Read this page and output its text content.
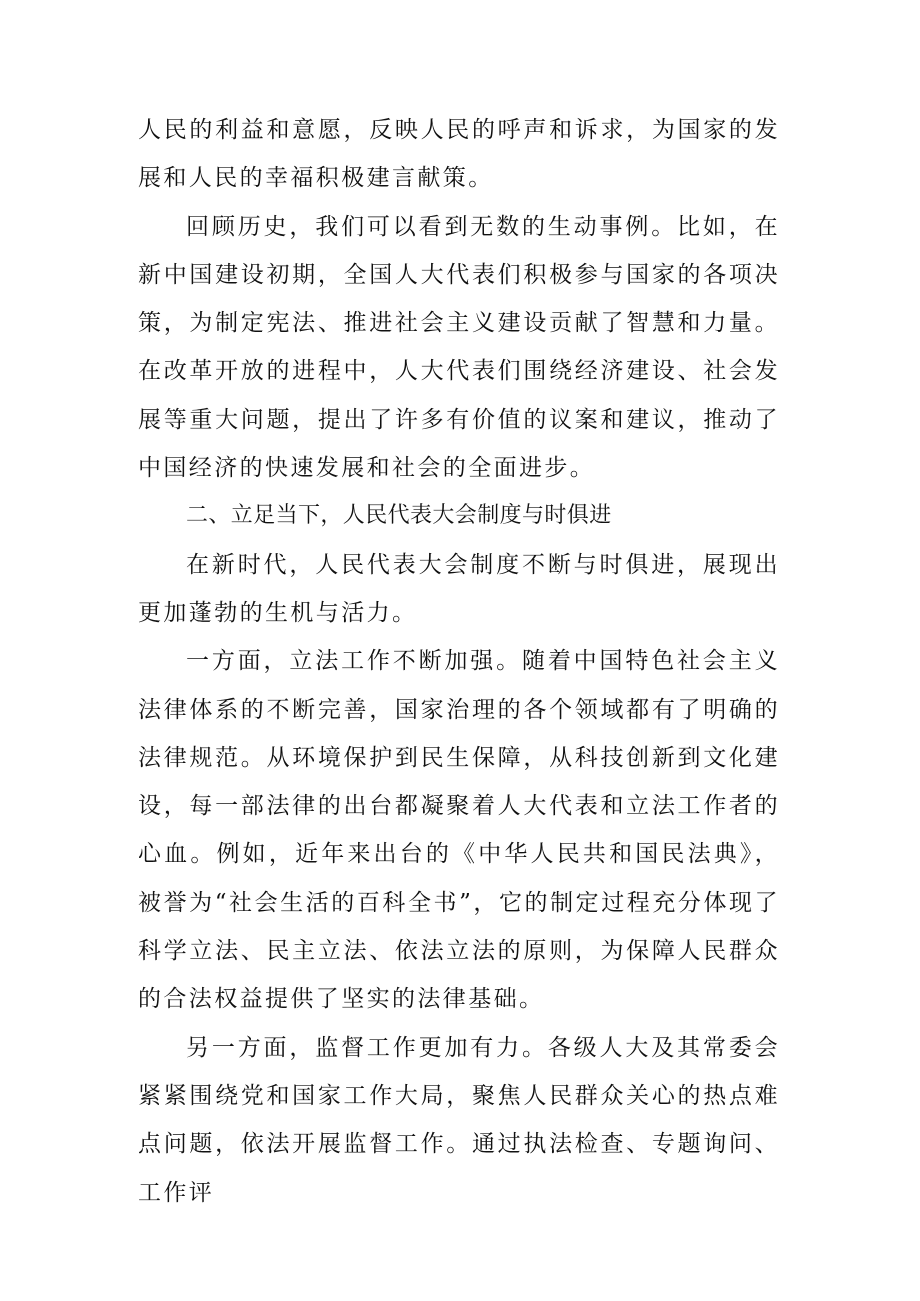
人民的利益和意愿，反映人民的呼声和诉求，为国家的发展和人民的幸福积极建言献策。

回顾历史，我们可以看到无数的生动事例。比如，在新中国建设初期，全国人大代表们积极参与国家的各项决策，为制定宪法、推进社会主义建设贡献了智慧和力量。在改革开放的进程中，人大代表们围绕经济建设、社会发展等重大问题，提出了许多有价值的议案和建议，推动了中国经济的快速发展和社会的全面进步。

二、立足当下，人民代表大会制度与时俱进

在新时代，人民代表大会制度不断与时俱进，展现出更加蓬勃的生机与活力。

一方面，立法工作不断加强。随着中国特色社会主义法律体系的不断完善，国家治理的各个领域都有了明确的法律规范。从环境保护到民生保障，从科技创新到文化建设，每一部法律的出台都凝聚着人大代表和立法工作者的心血。例如，近年来出台的《中华人民共和国民法典》，被誉为“社会生活的百科全书”，它的制定过程充分体现了科学立法、民主立法、依法立法的原则，为保障人民群众的合法权益提供了坚实的法律基础。

另一方面，监督工作更加有力。各级人大及其常委会紧紧围绕党和国家工作大局，聚焦人民群众关心的热点难点问题，依法开展监督工作。通过执法检查、专题询问、工作评
